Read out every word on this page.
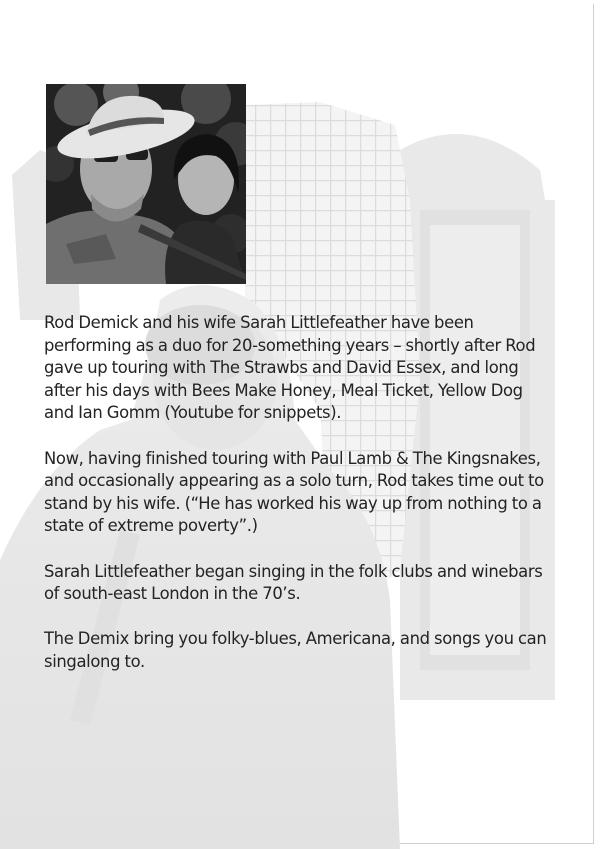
Rod Demick and his wife Sarah Littlefeather have been performing as a duo for 20-something years – shortly after Rod gave up touring with The Strawbs and David Essex, and long after his days with Bees Make Honey, Meal Ticket, Yellow Dog and Ian Gomm (Youtube for snippets).

Now, having finished touring with Paul Lamb & The Kingsnakes, and occasionally appearing as a solo turn, Rod takes time out to stand by his wife. (“He has worked his way up from nothing to a state of extreme poverty”.)

Sarah Littlefeather began singing in the folk clubs and winebars of south-east London in the 70’s.

The Demix bring you folky-blues, Americana, and songs you can singalong to.
